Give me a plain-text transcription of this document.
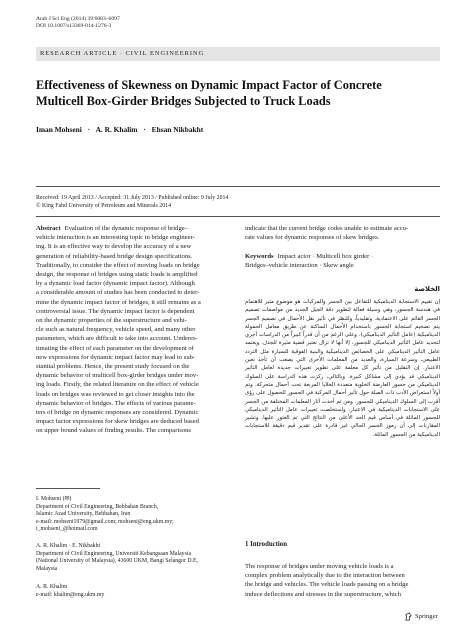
Arab J Sci Eng (2014) 39:6083–6097
DOI 10.1007/s13369-014-1276-3
RESEARCH ARTICLE · CIVIL ENGINEERING
Effectiveness of Skewness on Dynamic Impact Factor of Concrete
Multicell Box-Girder Bridges Subjected to Truck Loads
Iman Mohseni · A. R. Khalim · Ehsan Nikbakht
Received: 19 April 2013 / Accepted: 31 July 2013 / Published online: 9 July 2014
© King Fahd University of Petroleum and Minerals 2014
Abstract Evaluation of the dynamic response of bridge–
vehicle interaction is an interesting topic in bridge engineer-
ing. It is an effective way to develop the accuracy of a new
generation of reliability-based bridge design specifications.
Traditionally, to consider the effect of moving loads on bridge
design, the response of bridges using static loads is amplified
by a dynamic load factor (dynamic impact factor). Although
a considerable amount of studies has been conducted to deter-
mine the dynamic impact factor of bridges, it still remains as a
controversial issue. The dynamic impact factor is dependent
on the dynamic properties of the superstructure and vehi-
cle such as natural frequency, vehicle speed, and many other
parameters, which are difficult to take into account. Underes-
timating the effect of each parameter on the development of
new expressions for dynamic impact factor may lead to sub-
stantial problems. Hence, the present study focused on the
dynamic behavior of multicell box-girder bridges under mov-
ing loads. Firstly, the related literature on the effect of vehicle
loads on bridges was reviewed to get closer insights into the
dynamic behavior of bridges. The effects of various parame-
ters of bridge on dynamic responses are considered. Dynamic
impact factor expressions for skew bridges are deduced based
on upper bound values of finding results. The comparisons
indicate that the current bridge codes unable to estimate accu-
rate values for dynamic responses of skew bridges.
Keywords Impact actor · Multicell box girder ·
Bridges–vehicle interaction · Skew angle
الخلاصة
إن تقييم الاستجابة الديناميكية للتفاعل بين الجسر والمركبات هو موضوع مثير للاهتمام في هندسة الجسور، وهي وسيلة فعالة لتطوير دقة الجيل الجديد من مواصفات تصميم الجسر القائم على الاعتمادية. وتقليدياً، وللنظر في تأثير نقل الأحمال في تصميم الجسر يتم تضخيم استجابة الجسور باستخدام الأحمال الساكنة عن طريق معامل الحمولة الديناميكية (عامل التأثير الديناميكي). وعلى الرغم من أن قدراً كبيراً من الدراسات أجري لتحديد عامل التأثير الديناميكي للجسور، إلا أنها لا تزال تعتبر قضية مثيرة للجدل. ويعتمد عامل التأثير الديناميكي على الخصائص الديناميكية والبنية الفوقية للسيارة مثل التردد الطبيعي، وسرعة السيارة، والعديد من المعلمات الأخرى التي يصعب أن تأخذ بعين الاعتبار. إن التقليل من تأثير كل معلمة على تطوير تعبيرات جديدة لعامل التأثير الديناميكي قد يؤدي إلى مشاكل كبيرة. وبالتالي، ركزت هذه الدراسة على السلوك الديناميكي من جسور العارضة الخلوية متعددة الخلايا المربعة تحت أحمال متحركة. وتم أولاً استعراض الأدب ذات الصلة حول تأثير أحمال المركبة في الجسور للحصول على رؤى أقرب إلى السلوك الديناميكي للجسور. ومن ثم أخذت آثار المعلمات المختلفة من الجسر على الاستجابات الديناميكية في الاعتبار. واستخلصت تعبيرات عامل التأثير الديناميكي للجسور المائلة في أساس قيم الحد الأعلى من النتائج التي تم العثور عليها. وتشير المقارنات إلى أن رموز الجسر الحالي غير قادرة على تقدير قيم دقيقة للاستجابات الديناميكية من الجسور المائلة.
I. Mohseni (✉)
Department of Civil Engineering, Behbahan Branch,
Islamic Azad University, Behbahan, Iran
e-mail: mohseni1979@gmail.com; mohseni@eng.ukm.my;
i_mohseni_@hotmail.com
A. R. Khalim · E. Nikbakht
Department of Civil Engineering, Universiti Kebangsaan Malaysia
(National University of Malaysia), 43600 UKM, Bangi Selangor D.E,
Malaysia
A. R. Khalim
e-mail: khalim@eng.ukm.my
1 Introduction
The response of bridges under moving vehicle loads is a
complex problem analytically due to the interaction between
the bridge and vehicles. The vehicle loads passing on a bridge
induce deflections and stresses in the superstructure, which
Springer
